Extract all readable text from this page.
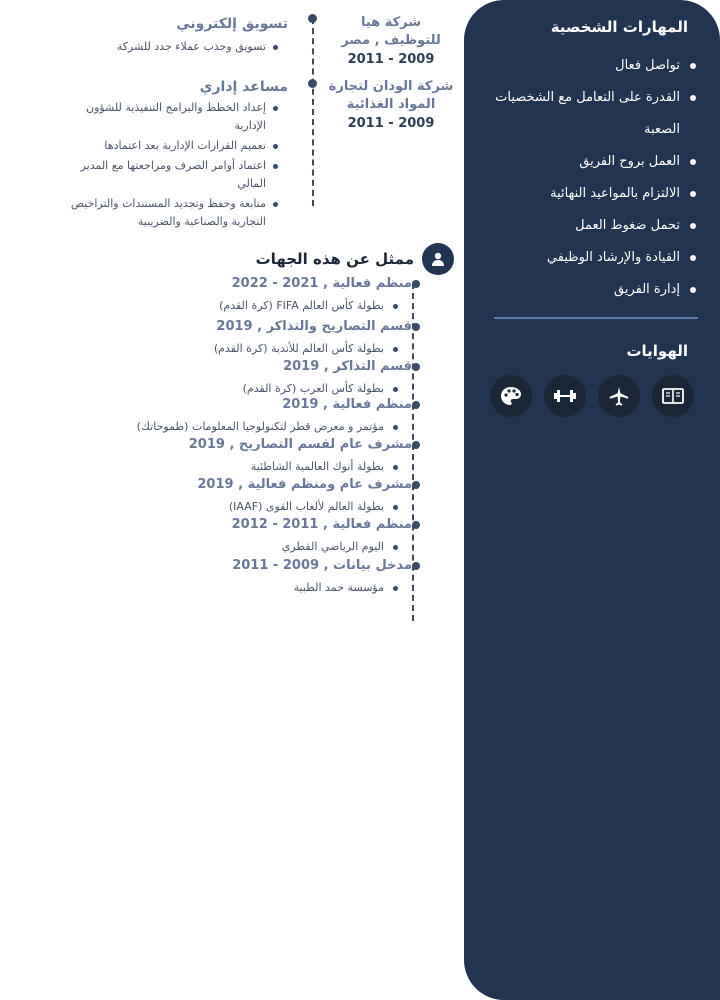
المهارات الشخصية
تواصل فعال
القدرة على التعامل مع الشخصيات الصعبة
العمل بروح الفريق
الالتزام بالمواعيد النهائية
تحمل ضغوط العمل
القيادة والإرشاد الوظيفي
إدارة الفريق
الهوايات
شركة هيا للتوظيف , مصر
2009 - 2011
شركة الودان لتجارة المواد الغذائية
2009 - 2011
تسويق إلكتروني
تسويق وجذب عملاء جدد للشركة
مساعد إداري
إعداد الخطط والبرامج التنفيذية للشؤون الإدارية
تعميم القرارات الإدارية بعد اعتمادها
اعتماد أوامر الصرف ومراجعتها مع المدير المالي
متابعة وحفظ وتجديد المستندات والتراخيص التجارية والصناعية والضريبية
ممثل عن هذه الجهات
منظم فعالية , 2021 - 2022
بطولة كأس العالم FIFA (كرة القدم)
قسم التصاريح والتذاكر , 2019
بطولة كأس العالم للأندية (كرة القدم)
قسم التذاكر , 2019
بطولة كأس العرب (كرة القدم)
منظم فعالية , 2019
مؤتمر و معرض قطر لتكنولوجيا المعلومات (طموحاتك)
مشرف عام لقسم التصاريح , 2019
بطولة أنوك العالمية الشاطئية
مشرف عام ومنظم فعالية , 2019
بطولة العالم لألعاب القوى (IAAF)
منظم فعالية , 2011 - 2012
اليوم الرياضي القطري
مدخل بيانات , 2009 - 2011
مؤسسة حمد الطبية
